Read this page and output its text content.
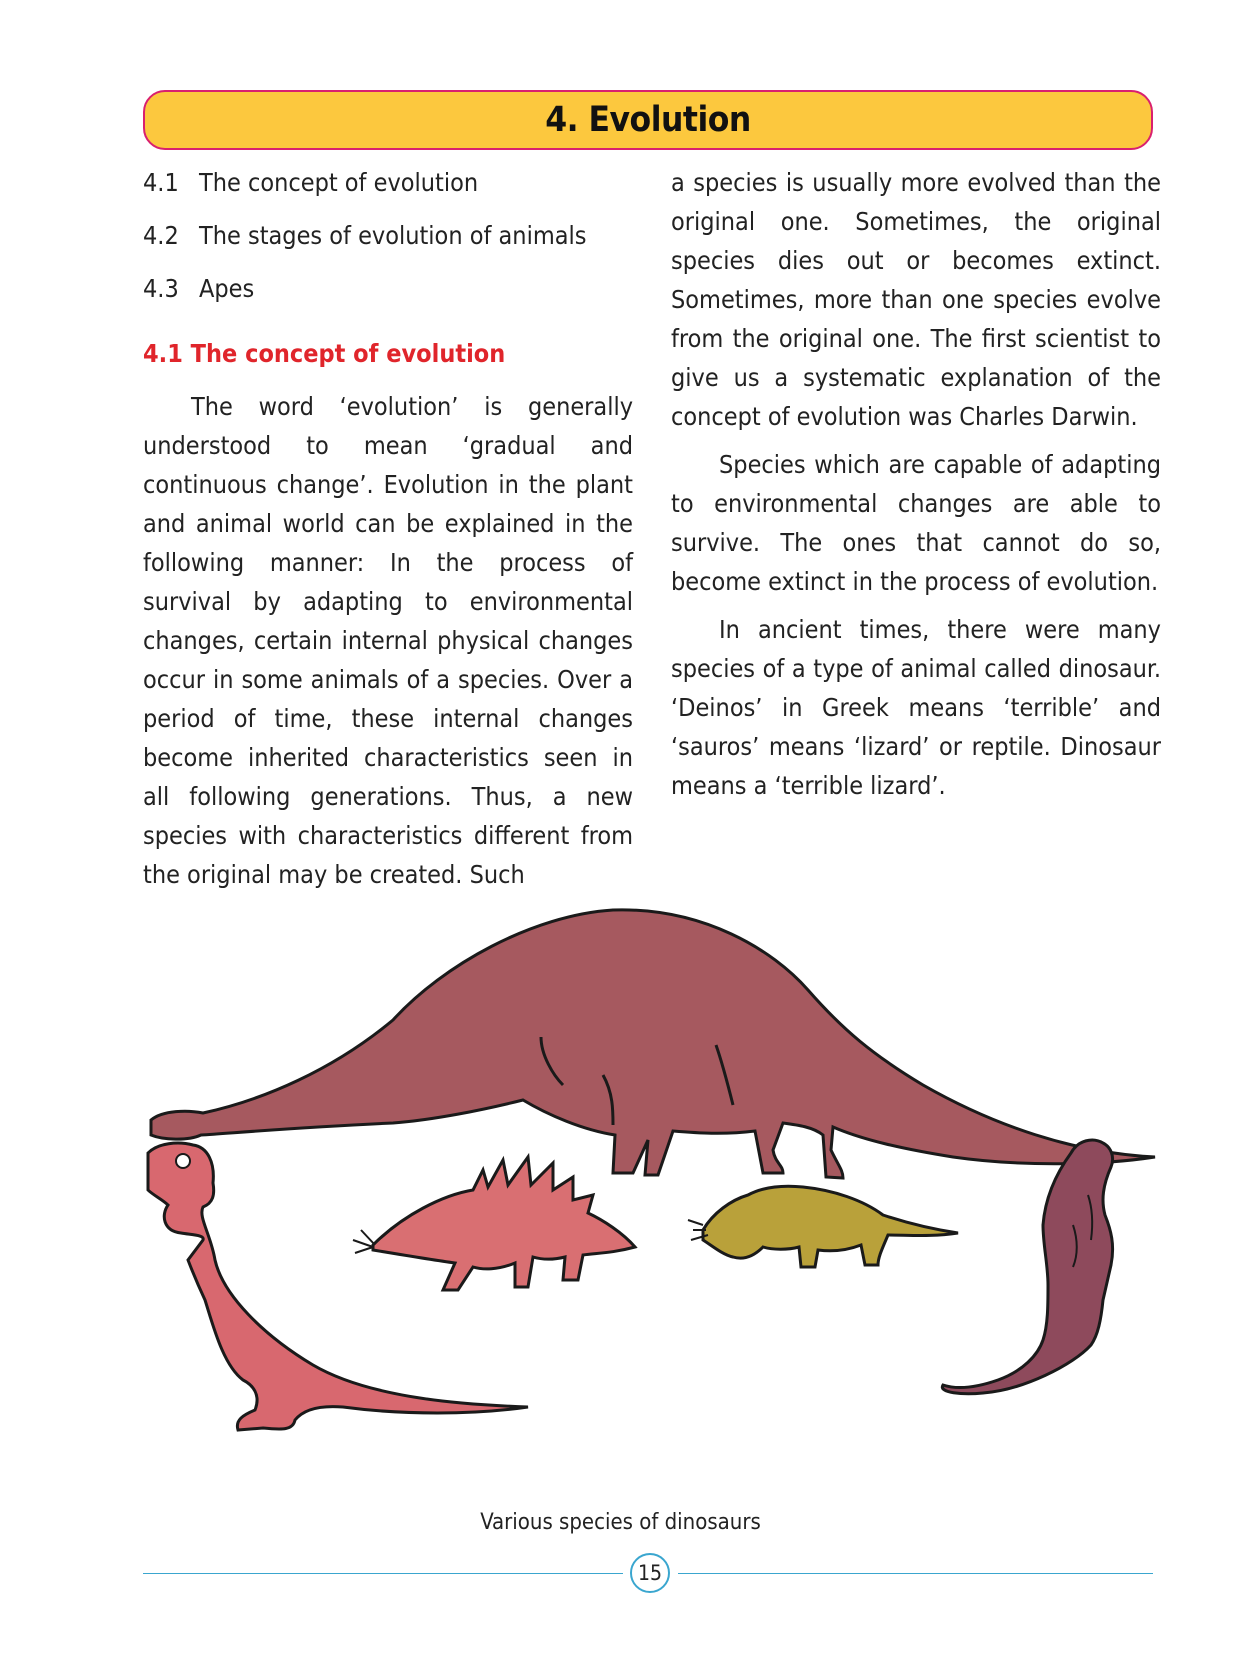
4. Evolution
4.1 The concept of evolution
4.2 The stages of evolution of animals
4.3 Apes
4.1 The concept of evolution

The word ‘evolution’ is generally understood to mean ‘gradual and continuous change’. Evolution in the plant and animal world can be explained in the following manner: In the process of survival by adapting to environmental changes, certain internal physical changes occur in some animals of a species. Over a period of time, these internal changes become inherited characteristics seen in all following generations. Thus, a new species with characteristics different from the original may be created. Such

a species is usually more evolved than the original one. Sometimes, the original species dies out or becomes extinct. Sometimes, more than one species evolve from the original one. The first scientist to give us a systematic explanation of the concept of evolution was Charles Darwin.

Species which are capable of adapting to environmental changes are able to survive. The ones that cannot do so, become extinct in the process of evolution.

In ancient times, there were many species of a type of animal called dinosaur. ‘Deinos’ in Greek means ‘terrible’ and ‘sauros’ means ‘lizard’ or reptile. Dinosaur means a ‘terrible lizard’.

Various species of dinosaurs
15
